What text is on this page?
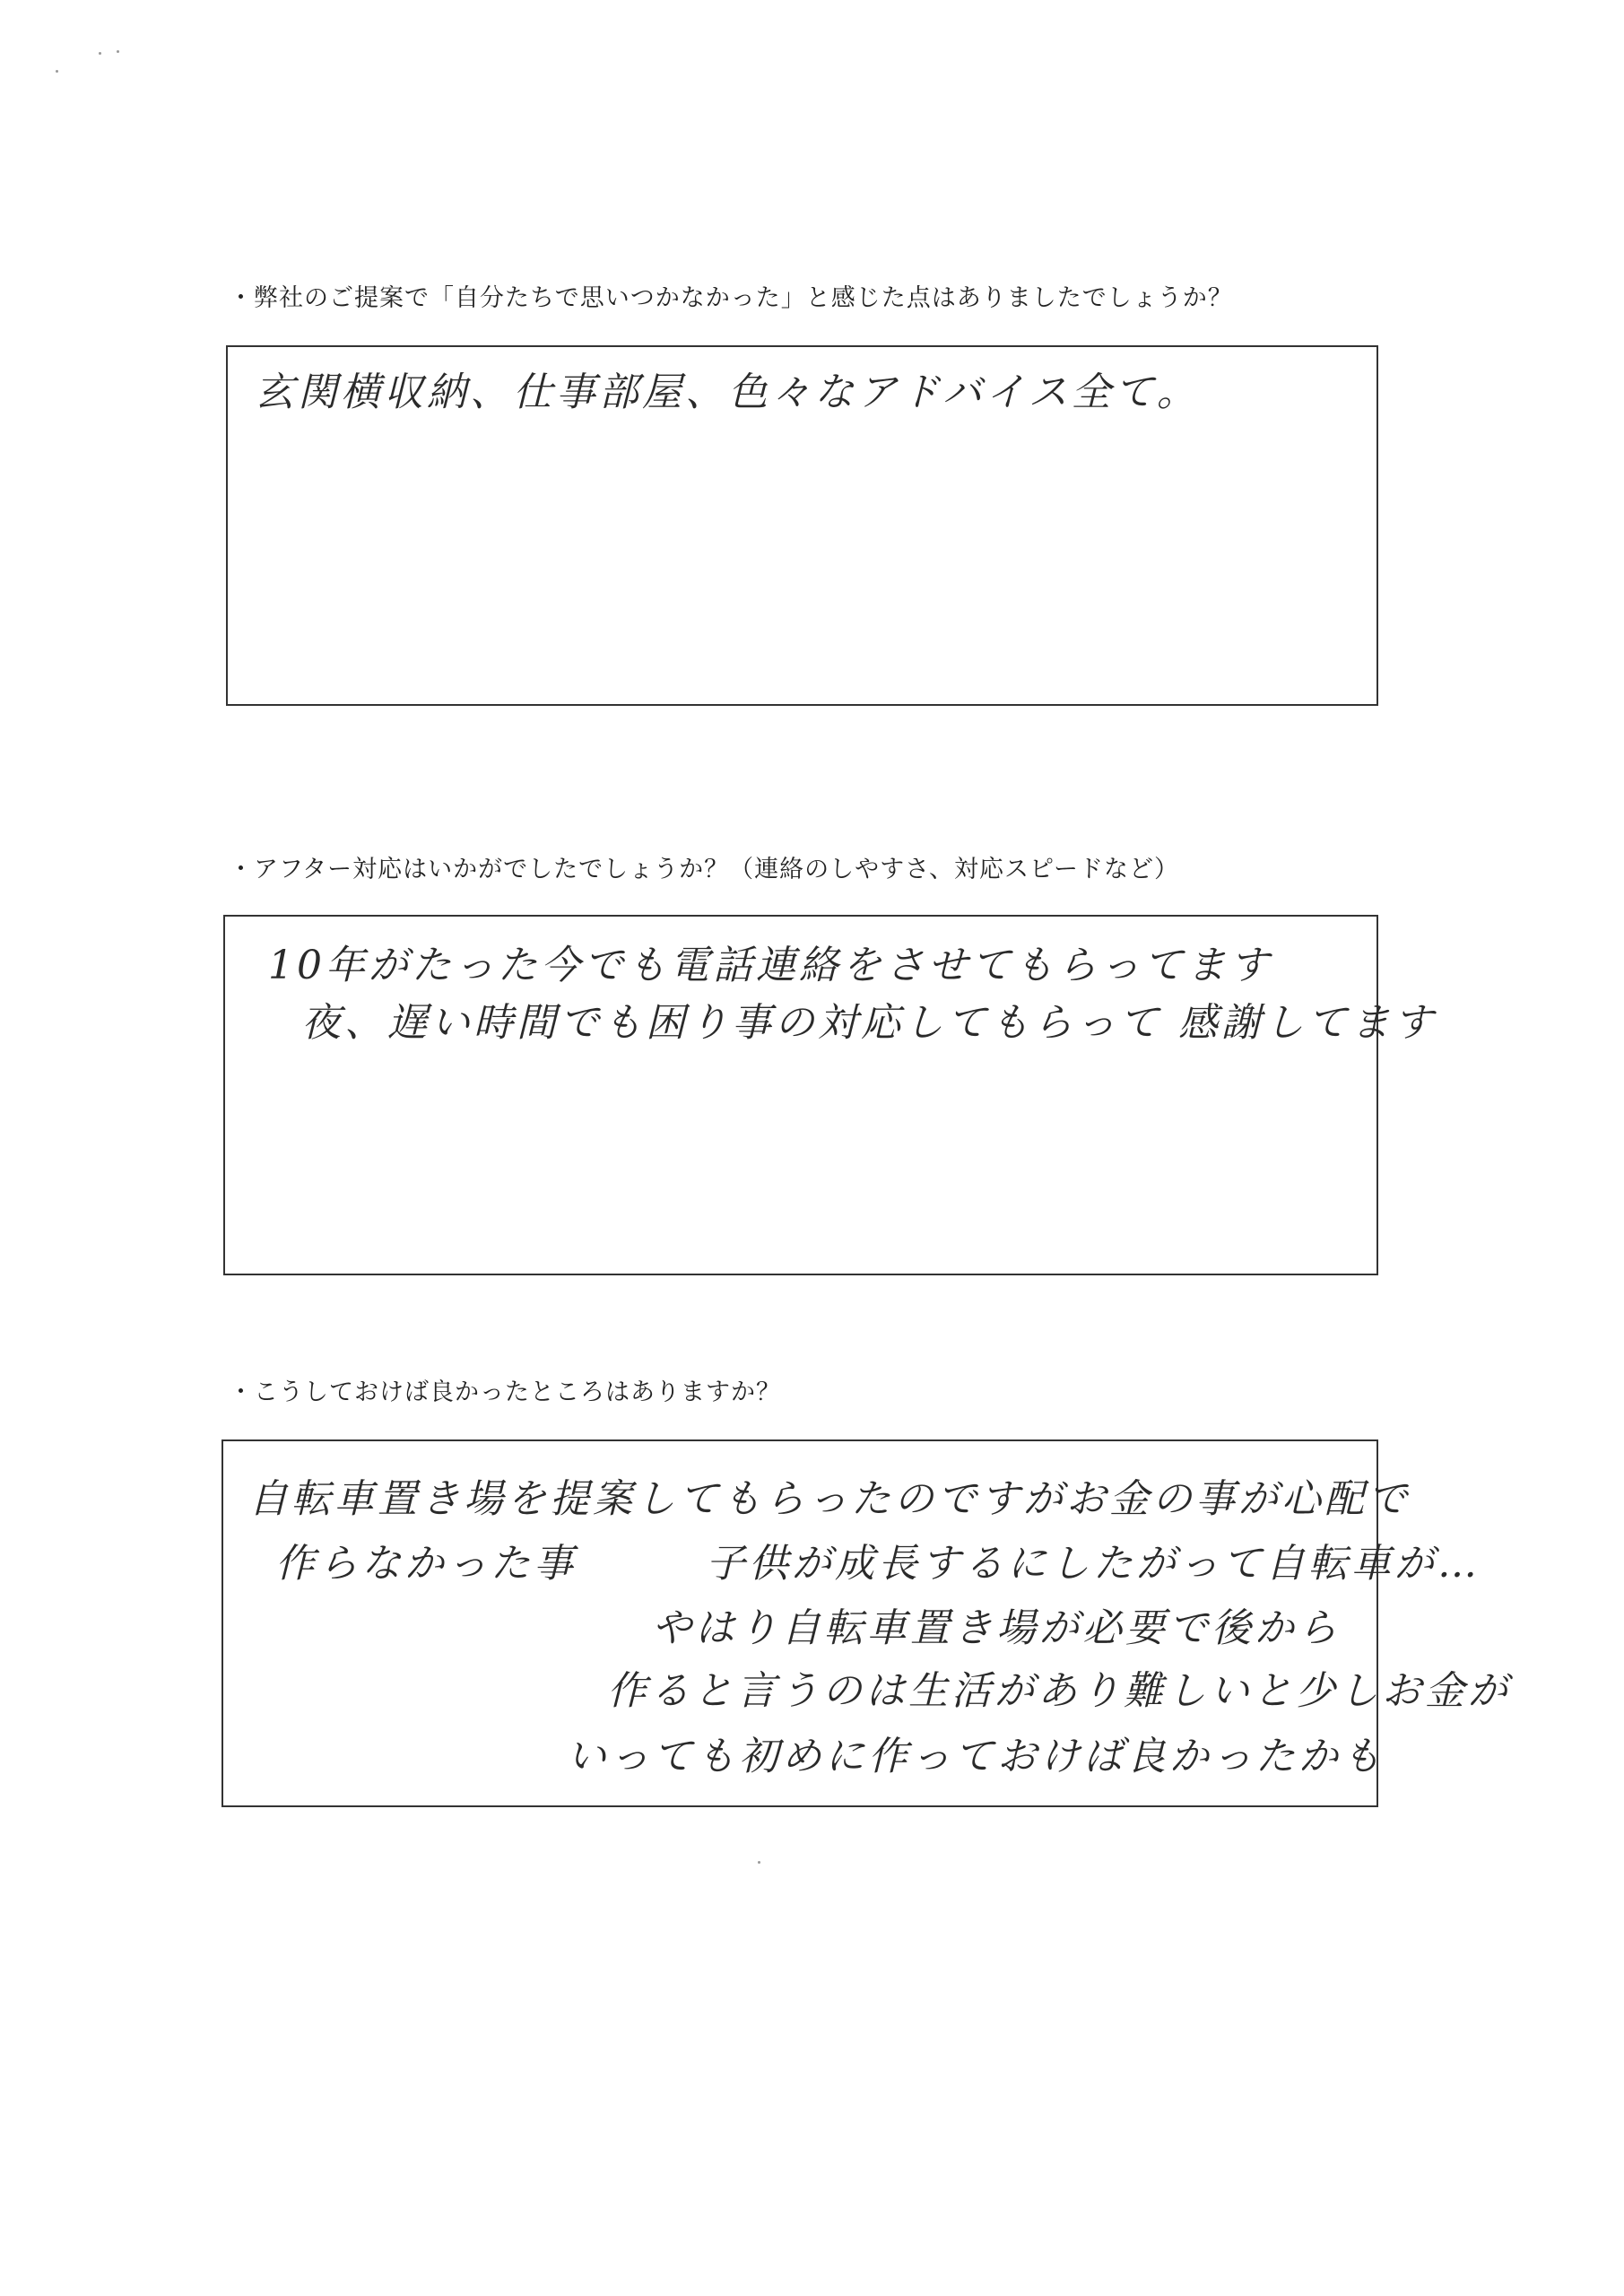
・弊社のご提案で「自分たちで思いつかなかった」と感じた点はありましたでしょうか？
玄関横収納、仕事部屋、色々なアドバイス全て。
・アフター対応はいかがでしたでしょうか？（連絡のしやすさ、対応スピードなど）
10年がたった今でも電話連絡をさせてもらってます
夜、遅い時間でも困り事の対応してもらって 感謝してます
・こうしておけば良かったところはありますか？
自転車置き場を提案してもらったのですがお金の事が心配で
作らなかった事　　　子供が成長するにしたがって自転車が…
やはり自転車置き場が必要で後から
作ると言うのは生活があり難しいと少しお金が
いっても初めに作っておけば良かったかも
